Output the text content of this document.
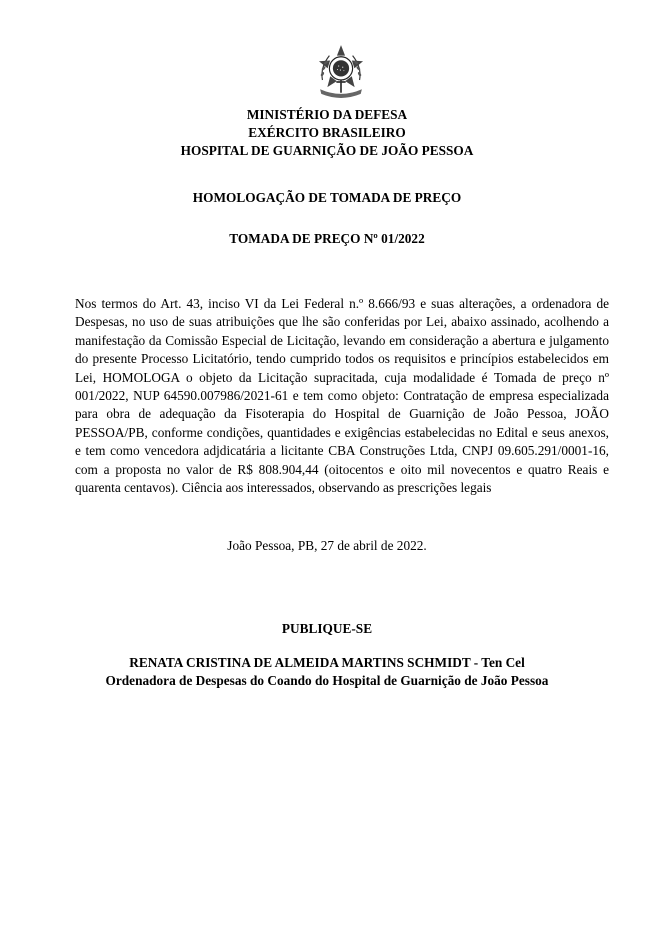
MINISTÉRIO DA DEFESA
EXÉRCITO BRASILEIRO
HOSPITAL DE GUARNIÇÃO DE JOÃO PESSOA
HOMOLOGAÇÃO DE TOMADA DE PREÇO
TOMADA DE PREÇO Nº 01/2022
Nos termos do Art. 43, inciso VI da Lei Federal n.º 8.666/93 e suas alterações, a ordenadora de Despesas, no uso de suas atribuições que lhe são conferidas por Lei, abaixo assinado, acolhendo a manifestação da Comissão Especial de Licitação, levando em consideração a abertura e julgamento do presente Processo Licitatório, tendo cumprido todos os requisitos e princípios estabelecidos em Lei, HOMOLOGA o objeto da Licitação supracitada, cuja modalidade é Tomada de preço nº 001/2022, NUP 64590.007986/2021-61 e tem como objeto: Contratação de empresa especializada para obra de adequação da Fisoterapia do Hospital de Guarnição de João Pessoa, JOÃO PESSOA/PB, conforme condições, quantidades e exigências estabelecidas no Edital e seus anexos, e tem como vencedora adjdicatária a licitante CBA Construções Ltda, CNPJ 09.605.291/0001-16, com a proposta no valor de R$ 808.904,44 (oitocentos e oito mil novecentos e quatro Reais e quarenta centavos). Ciência aos interessados, observando as prescrições legais
João Pessoa, PB, 27 de abril de 2022.
PUBLIQUE-SE
RENATA CRISTINA DE ALMEIDA MARTINS SCHMIDT - Ten Cel
Ordenadora de Despesas do Coando do Hospital de Guarnição de João Pessoa
